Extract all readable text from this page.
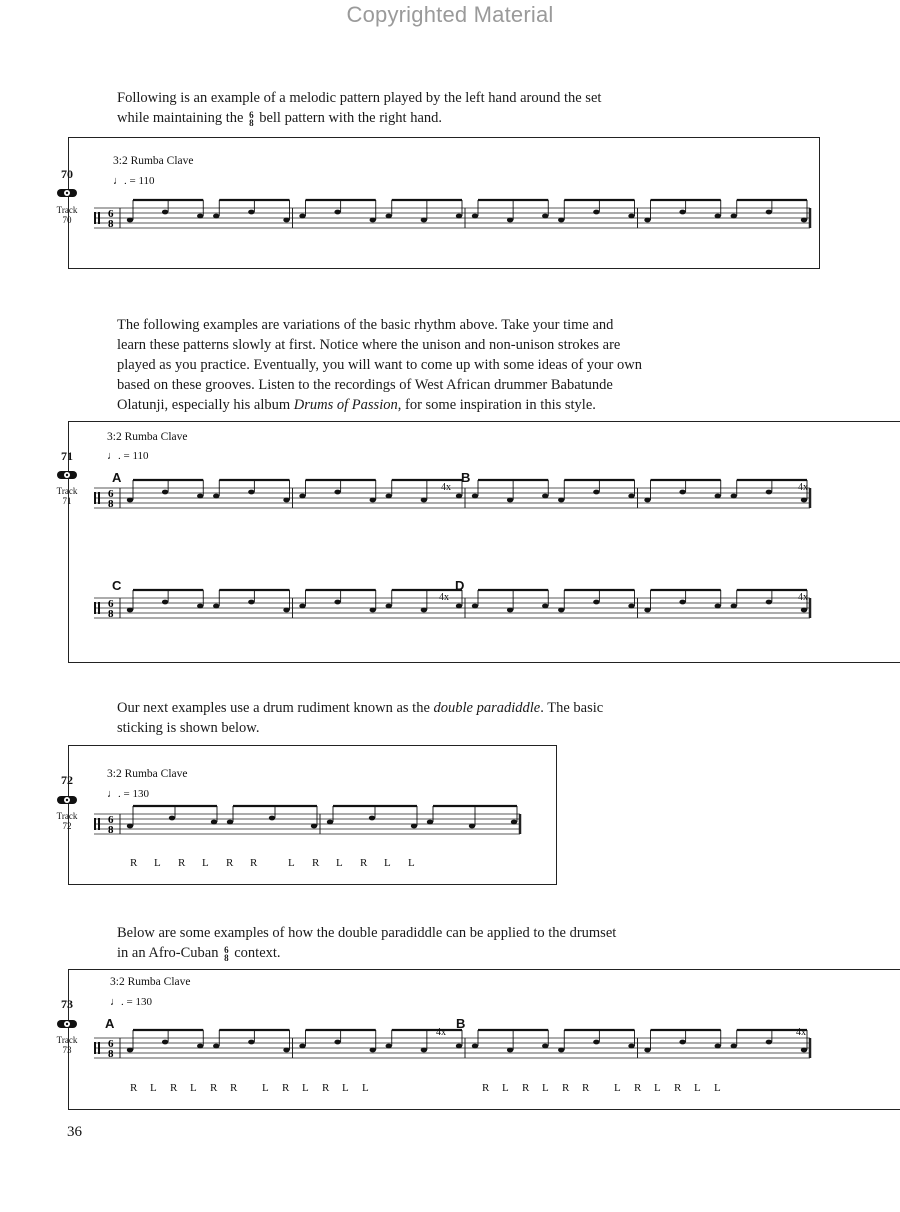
Copyrighted Material
Following is an example of a melodic pattern played by the left hand around the set
while maintaining the 6
8 bell pattern with the right hand.
70
Track
70
3:2 Rumba Clave
♩. = 110
6
8
The following examples are variations of the basic rhythm above. Take your time and
learn these patterns slowly at first. Notice where the unison and non-unison strokes are
played as you practice. Eventually, you will want to come up with some ideas of your own
based on these grooves. Listen to the recordings of West African drummer Babatunde
Olatunji, especially his album Drums of Passion, for some inspiration in this style.
71
Track
71
3:2 Rumba Clave
♩. = 110
A	B
4x	4x
6
8
C	D
4x	4x
6
8
Our next examples use a drum rudiment known as the double paradiddle. The basic
sticking is shown below.
72
Track
72
3:2 Rumba Clave
♩. = 130
6
8
R L R L R R	L R L R L L
Below are some examples of how the double paradiddle can be applied to the drumset
in an Afro-Cuban 6
8 context.
73
Track
73
3:2 Rumba Clave
♩. = 130
A	B
4x	4x
6
8
R L R L R R L R L R L L	R L R L R R L R L R L L
36
